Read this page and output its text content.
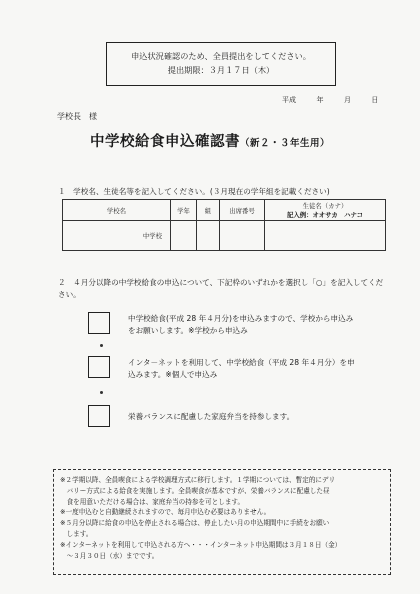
申込状況確認のため、全員提出をしてください。
提出期限：３月１７日（木）
平成	年	月	日
学校長　様
中学校給食申込確認書（新２・３年生用）
１　学校名、生徒名等を記入してください。(３月現在の学年組を記載ください)
学校名	学年	組	出席番号	生徒名（カナ）
記入例：オオサカ　ハナコ

中学校				
２　４月分以降の中学校給食の申込について、下記枠のいずれかを選択し「○」を記入してください。
中学校給食(平成 28 年４月分)を申込みますので、学校から申込み
をお願いします。※学校から申込み
インタ－ネットを利用して、中学校給食（平成 28 年４月分）を申
込みます。※個人で申込み
栄養バランスに配慮した家庭弁当を持参します。

※２学期以降、全員喫食による学校調理方式に移行します。１学期については、暫定的にデリ

　バリー方式による給食を実施します。全員喫食が基本ですが、栄養バランスに配慮した昼

　食を用意いただける場合は、家庭弁当の持参を可とします。

※一度申込むと自動継続されますので、毎月申込む必要はありません。

※５月分以降に給食の申込を停止される場合は、停止したい月の申込期間中に手続をお願い

　します。

※インターネットを利用して申込される方へ・・・インターネット申込期間は３月１８日（金）

　～３月３０日（水）までです。
